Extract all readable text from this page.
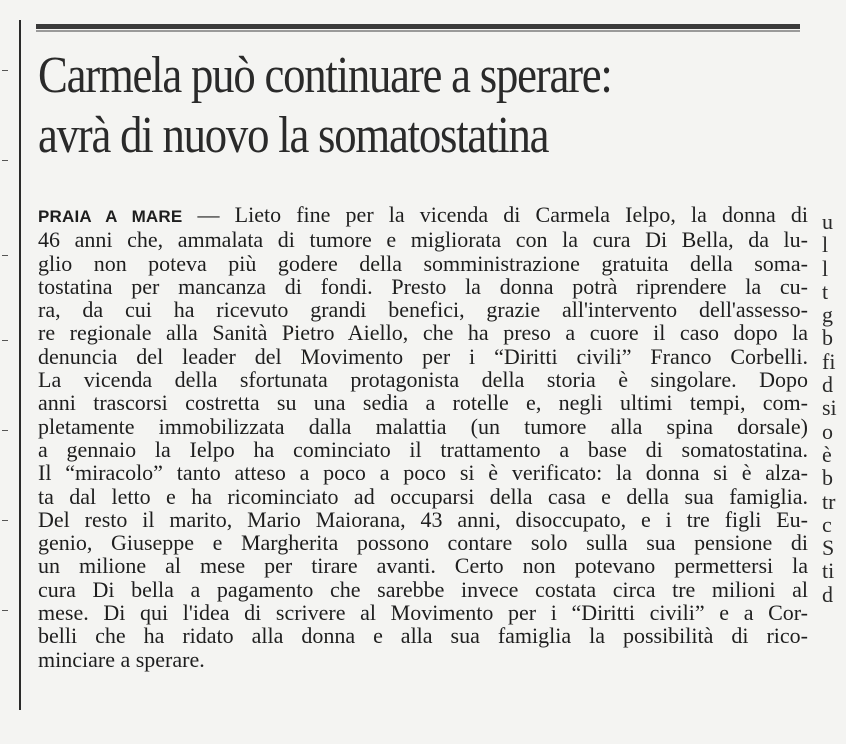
Carmela può continuare a sperare:
avrà di nuovo la somatostatina
PRAIA A MARE — Lieto fine per la vicenda di Carmela Ielpo, la donna di
46 anni che, ammalata di tumore e migliorata con la cura Di Bella, da lu-
glio non poteva più godere della somministrazione gratuita della soma-
tostatina per mancanza di fondi. Presto la donna potrà riprendere la cu-
ra, da cui ha ricevuto grandi benefici, grazie all'intervento dell'assesso-
re regionale alla Sanità Pietro Aiello, che ha preso a cuore il caso dopo la
denuncia del leader del Movimento per i “Diritti civili” Franco Corbelli.
La vicenda della sfortunata protagonista della storia è singolare. Dopo
anni trascorsi costretta su una sedia a rotelle e, negli ultimi tempi, com-
pletamente immobilizzata dalla malattia (un tumore alla spina dorsale)
a gennaio la Ielpo ha cominciato il trattamento a base di somatostatina.
Il “miracolo” tanto atteso a poco a poco si è verificato: la donna si è alza-
ta dal letto e ha ricominciato ad occuparsi della casa e della sua famiglia.
Del resto il marito, Mario Maiorana, 43 anni, disoccupato, e i tre figli Eu-
genio, Giuseppe e Margherita possono contare solo sulla sua pensione di
un milione al mese per tirare avanti. Certo non potevano permettersi la
cura Di bella a pagamento che sarebbe invece costata circa tre milioni al
mese. Di qui l'idea di scrivere al Movimento per i “Diritti civili” e a Cor-
belli che ha ridato alla donna e alla sua famiglia la possibilità di rico-
minciare a sperare.
u
l
l
t
g
b
fi
d
si
o
è
b
tr
c
S
ti
d
